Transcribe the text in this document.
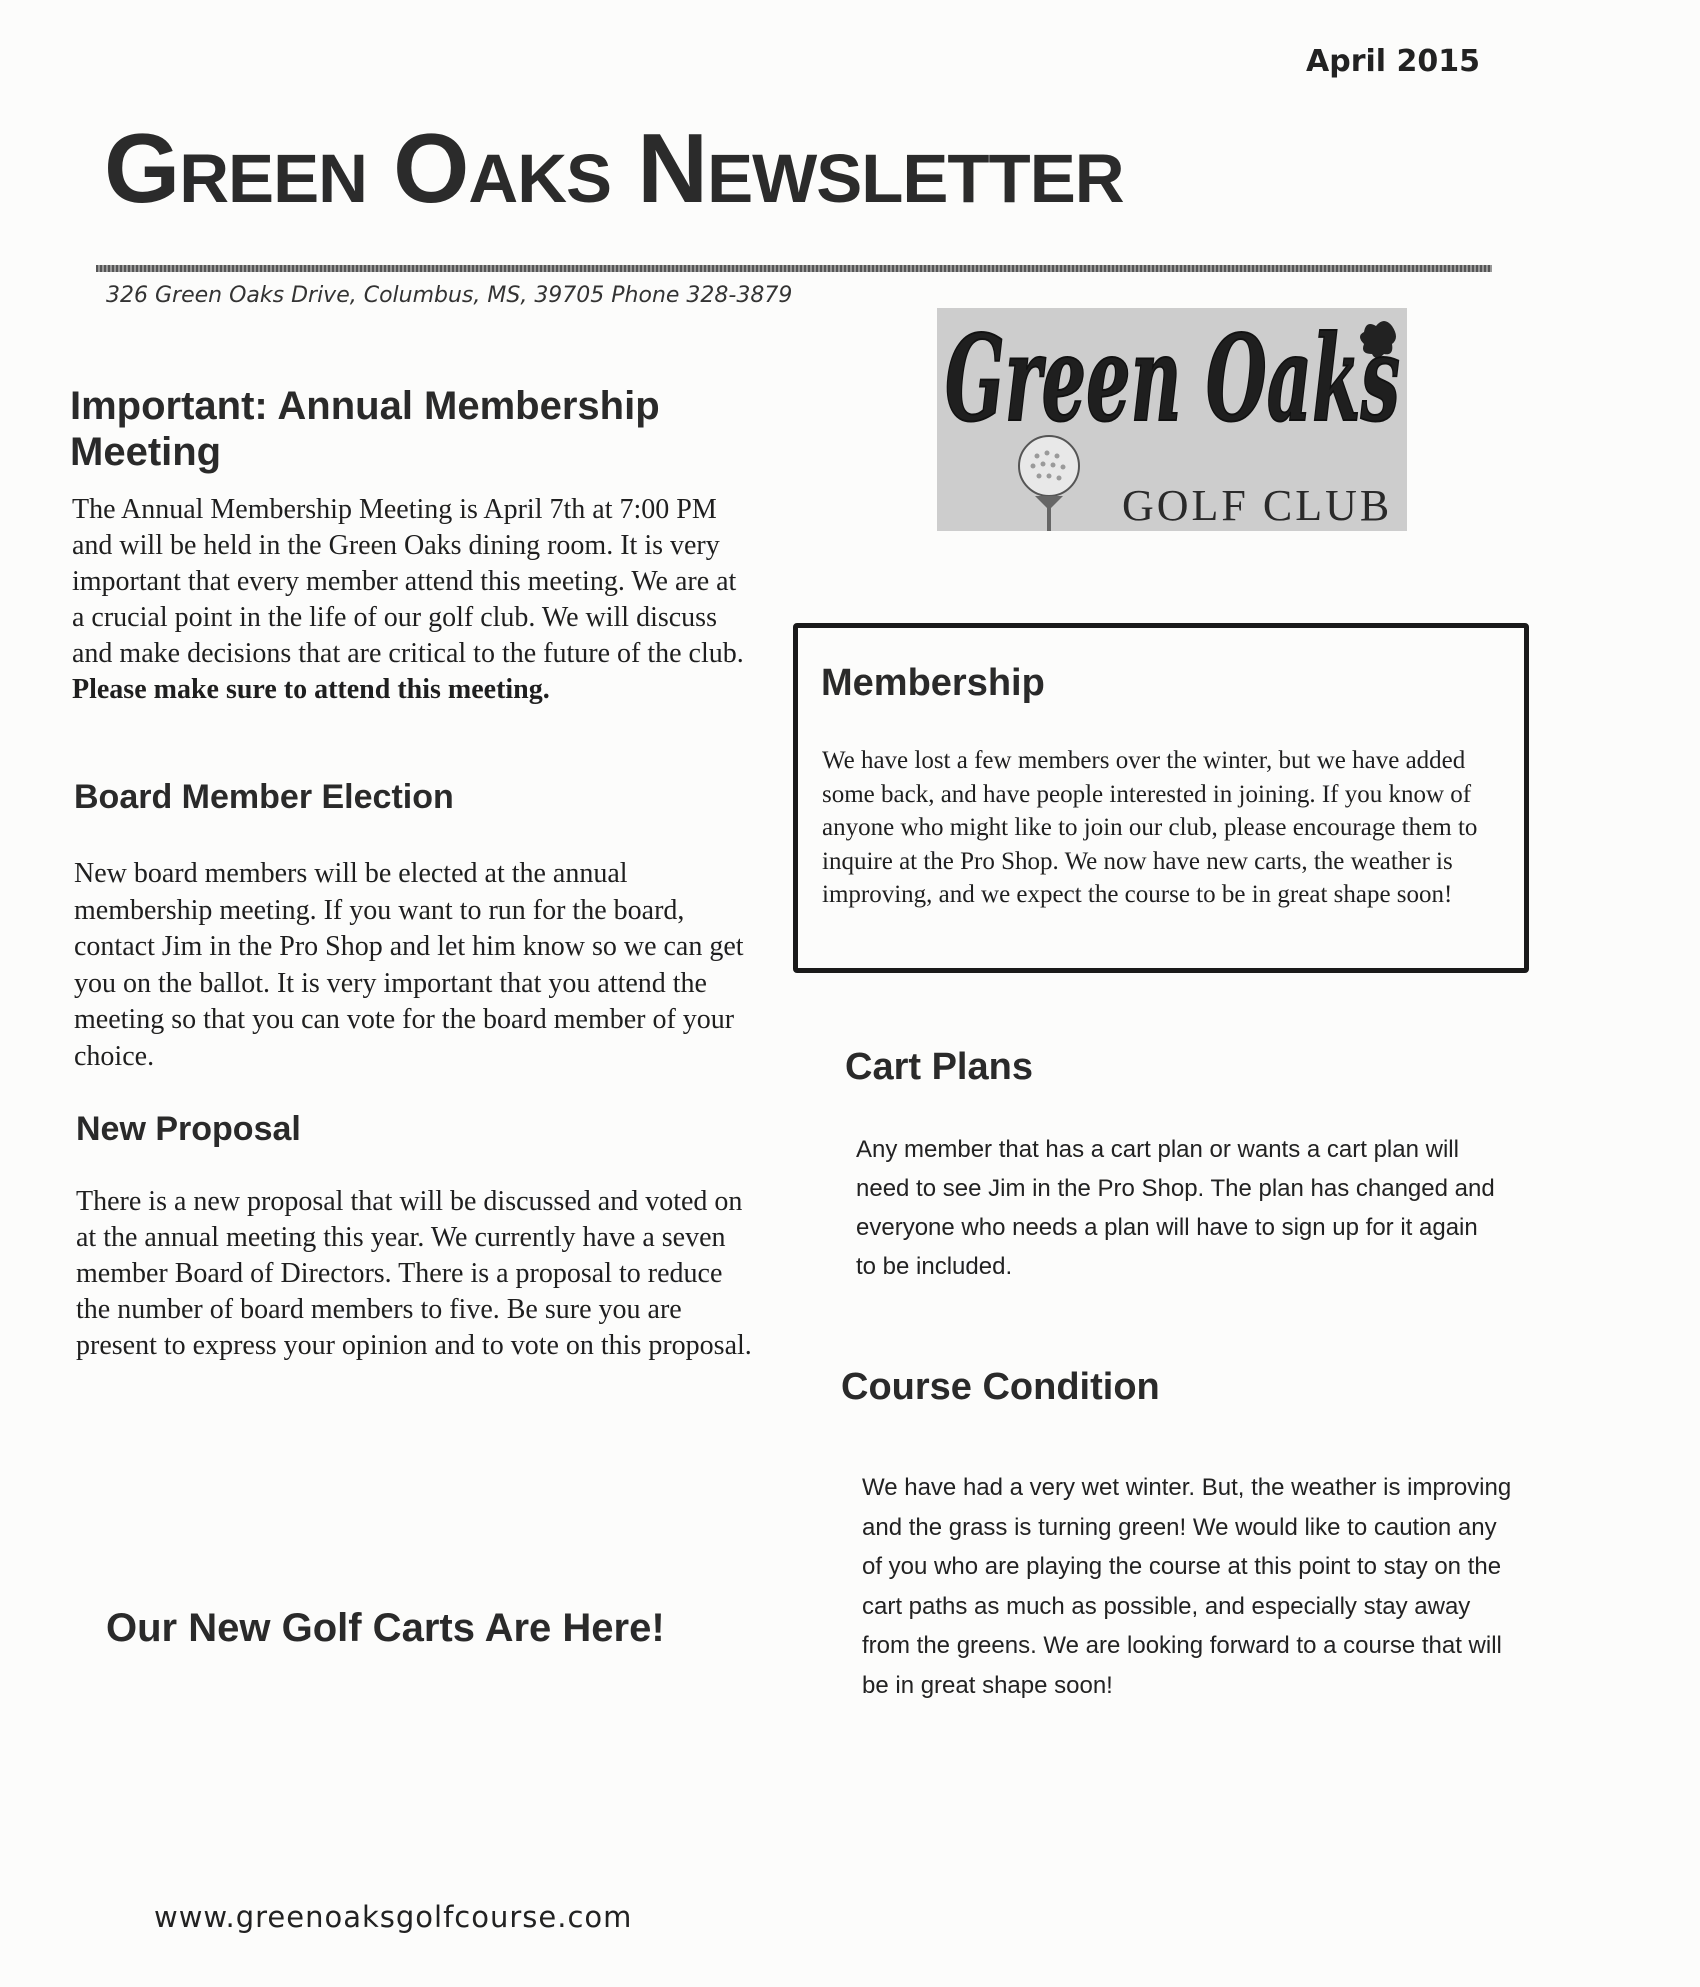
April 2015
Green Oaks Newsletter
326 Green Oaks Drive, Columbus, MS, 39705 Phone 328-3879
Green Oaks
GOLF CLUB
Important: Annual Membership Meeting
The Annual Membership Meeting is April 7th at 7:00 PM and will be held in the Green Oaks dining room. It is very important that every member attend this meeting. We are at a crucial point in the life of our golf club. We will discuss and make decisions that are critical to the future of the club. Please make sure to attend this meeting.
Board Member Election
New board members will be elected at the annual membership meeting. If you want to run for the board, contact Jim in the Pro Shop and let him know so we can get you on the ballot. It is very important that you attend the meeting so that you can vote for the board member of your choice.
New Proposal
There is a new proposal that will be discussed and voted on at the annual meeting this year. We currently have a seven member Board of Directors. There is a proposal to reduce the number of board members to five. Be sure you are present to express your opinion and to vote on this proposal.
Our New Golf Carts Are Here!
Membership
We have lost a few members over the winter, but we have added some back, and have people interested in joining. If you know of anyone who might like to join our club, please encourage them to inquire at the Pro Shop. We now have new carts, the weather is improving, and we expect the course to be in great shape soon!
Cart Plans
Any member that has a cart plan or wants a cart plan will need to see Jim in the Pro Shop. The plan has changed and everyone who needs a plan will have to sign up for it again to be included.
Course Condition
We have had a very wet winter. But, the weather is improving and the grass is turning green! We would like to caution any of you who are playing the course at this point to stay on the cart paths as much as possible, and especially stay away from the greens. We are looking forward to a course that will be in great shape soon!
www.greenoaksgolfcourse.com
